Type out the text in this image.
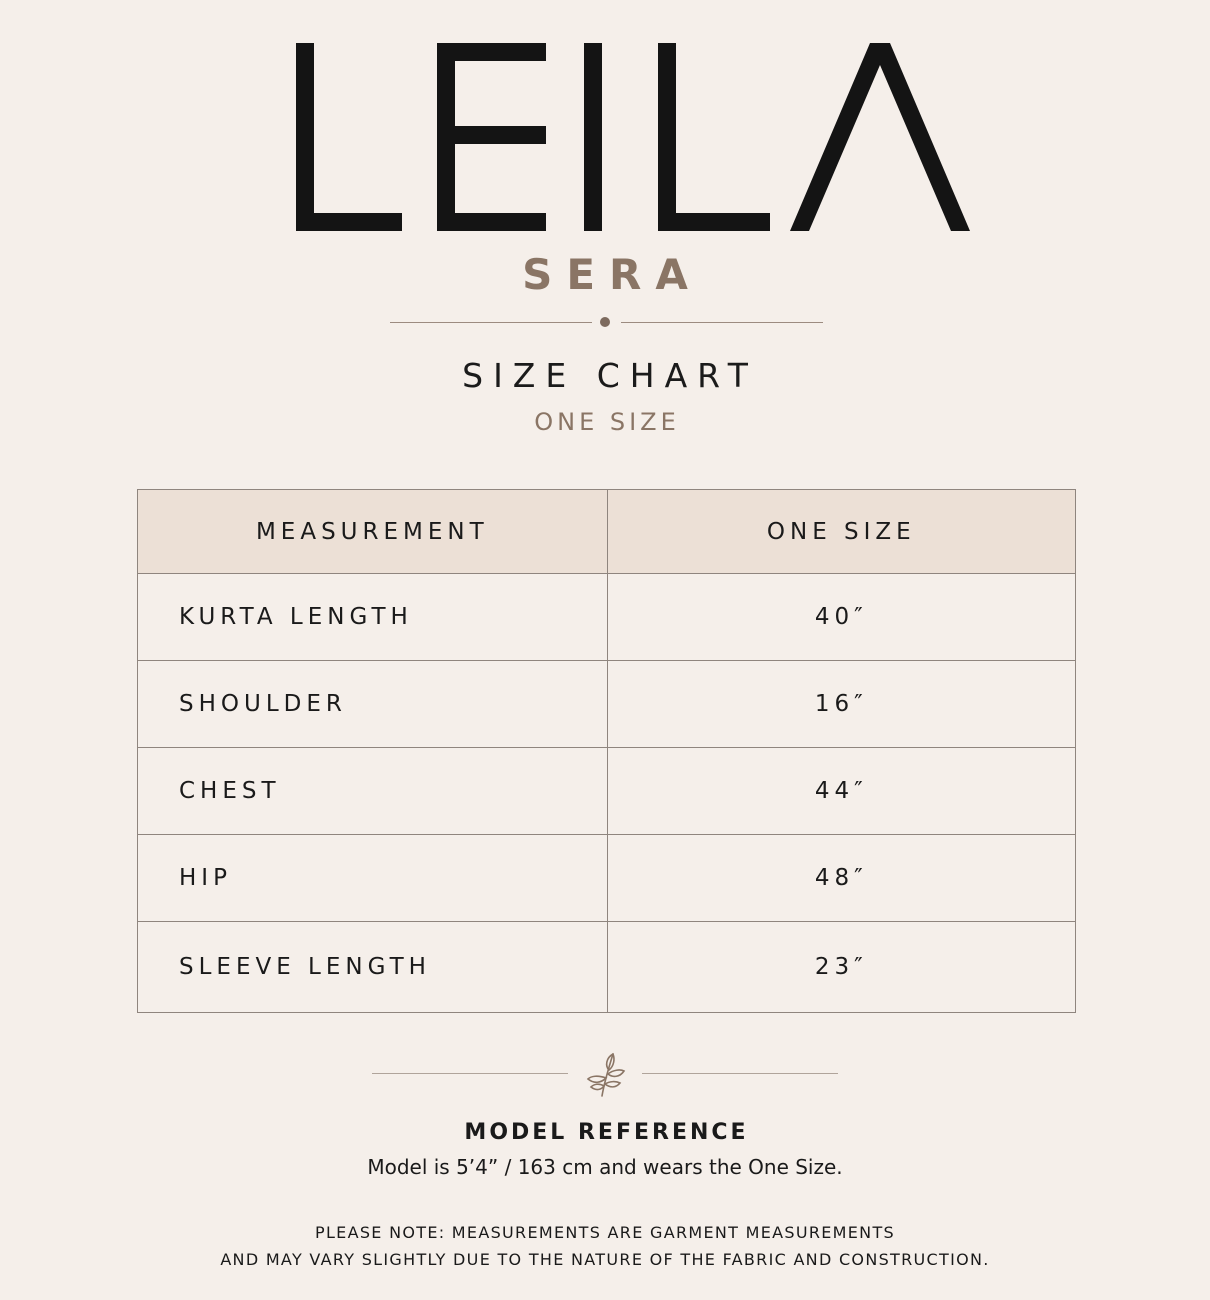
SERA
SIZE CHART
ONE SIZE
MEASUREMENT	ONE SIZE
KURTA LENGTH	40″
SHOULDER	16″
CHEST	44″
HIP	48″
SLEEVE LENGTH	23″
MODEL REFERENCE
Model is 5’4” / 163 cm and wears the One Size.
PLEASE NOTE: MEASUREMENTS ARE GARMENT MEASUREMENTS
AND MAY VARY SLIGHTLY DUE TO THE NATURE OF THE FABRIC AND CONSTRUCTION.
